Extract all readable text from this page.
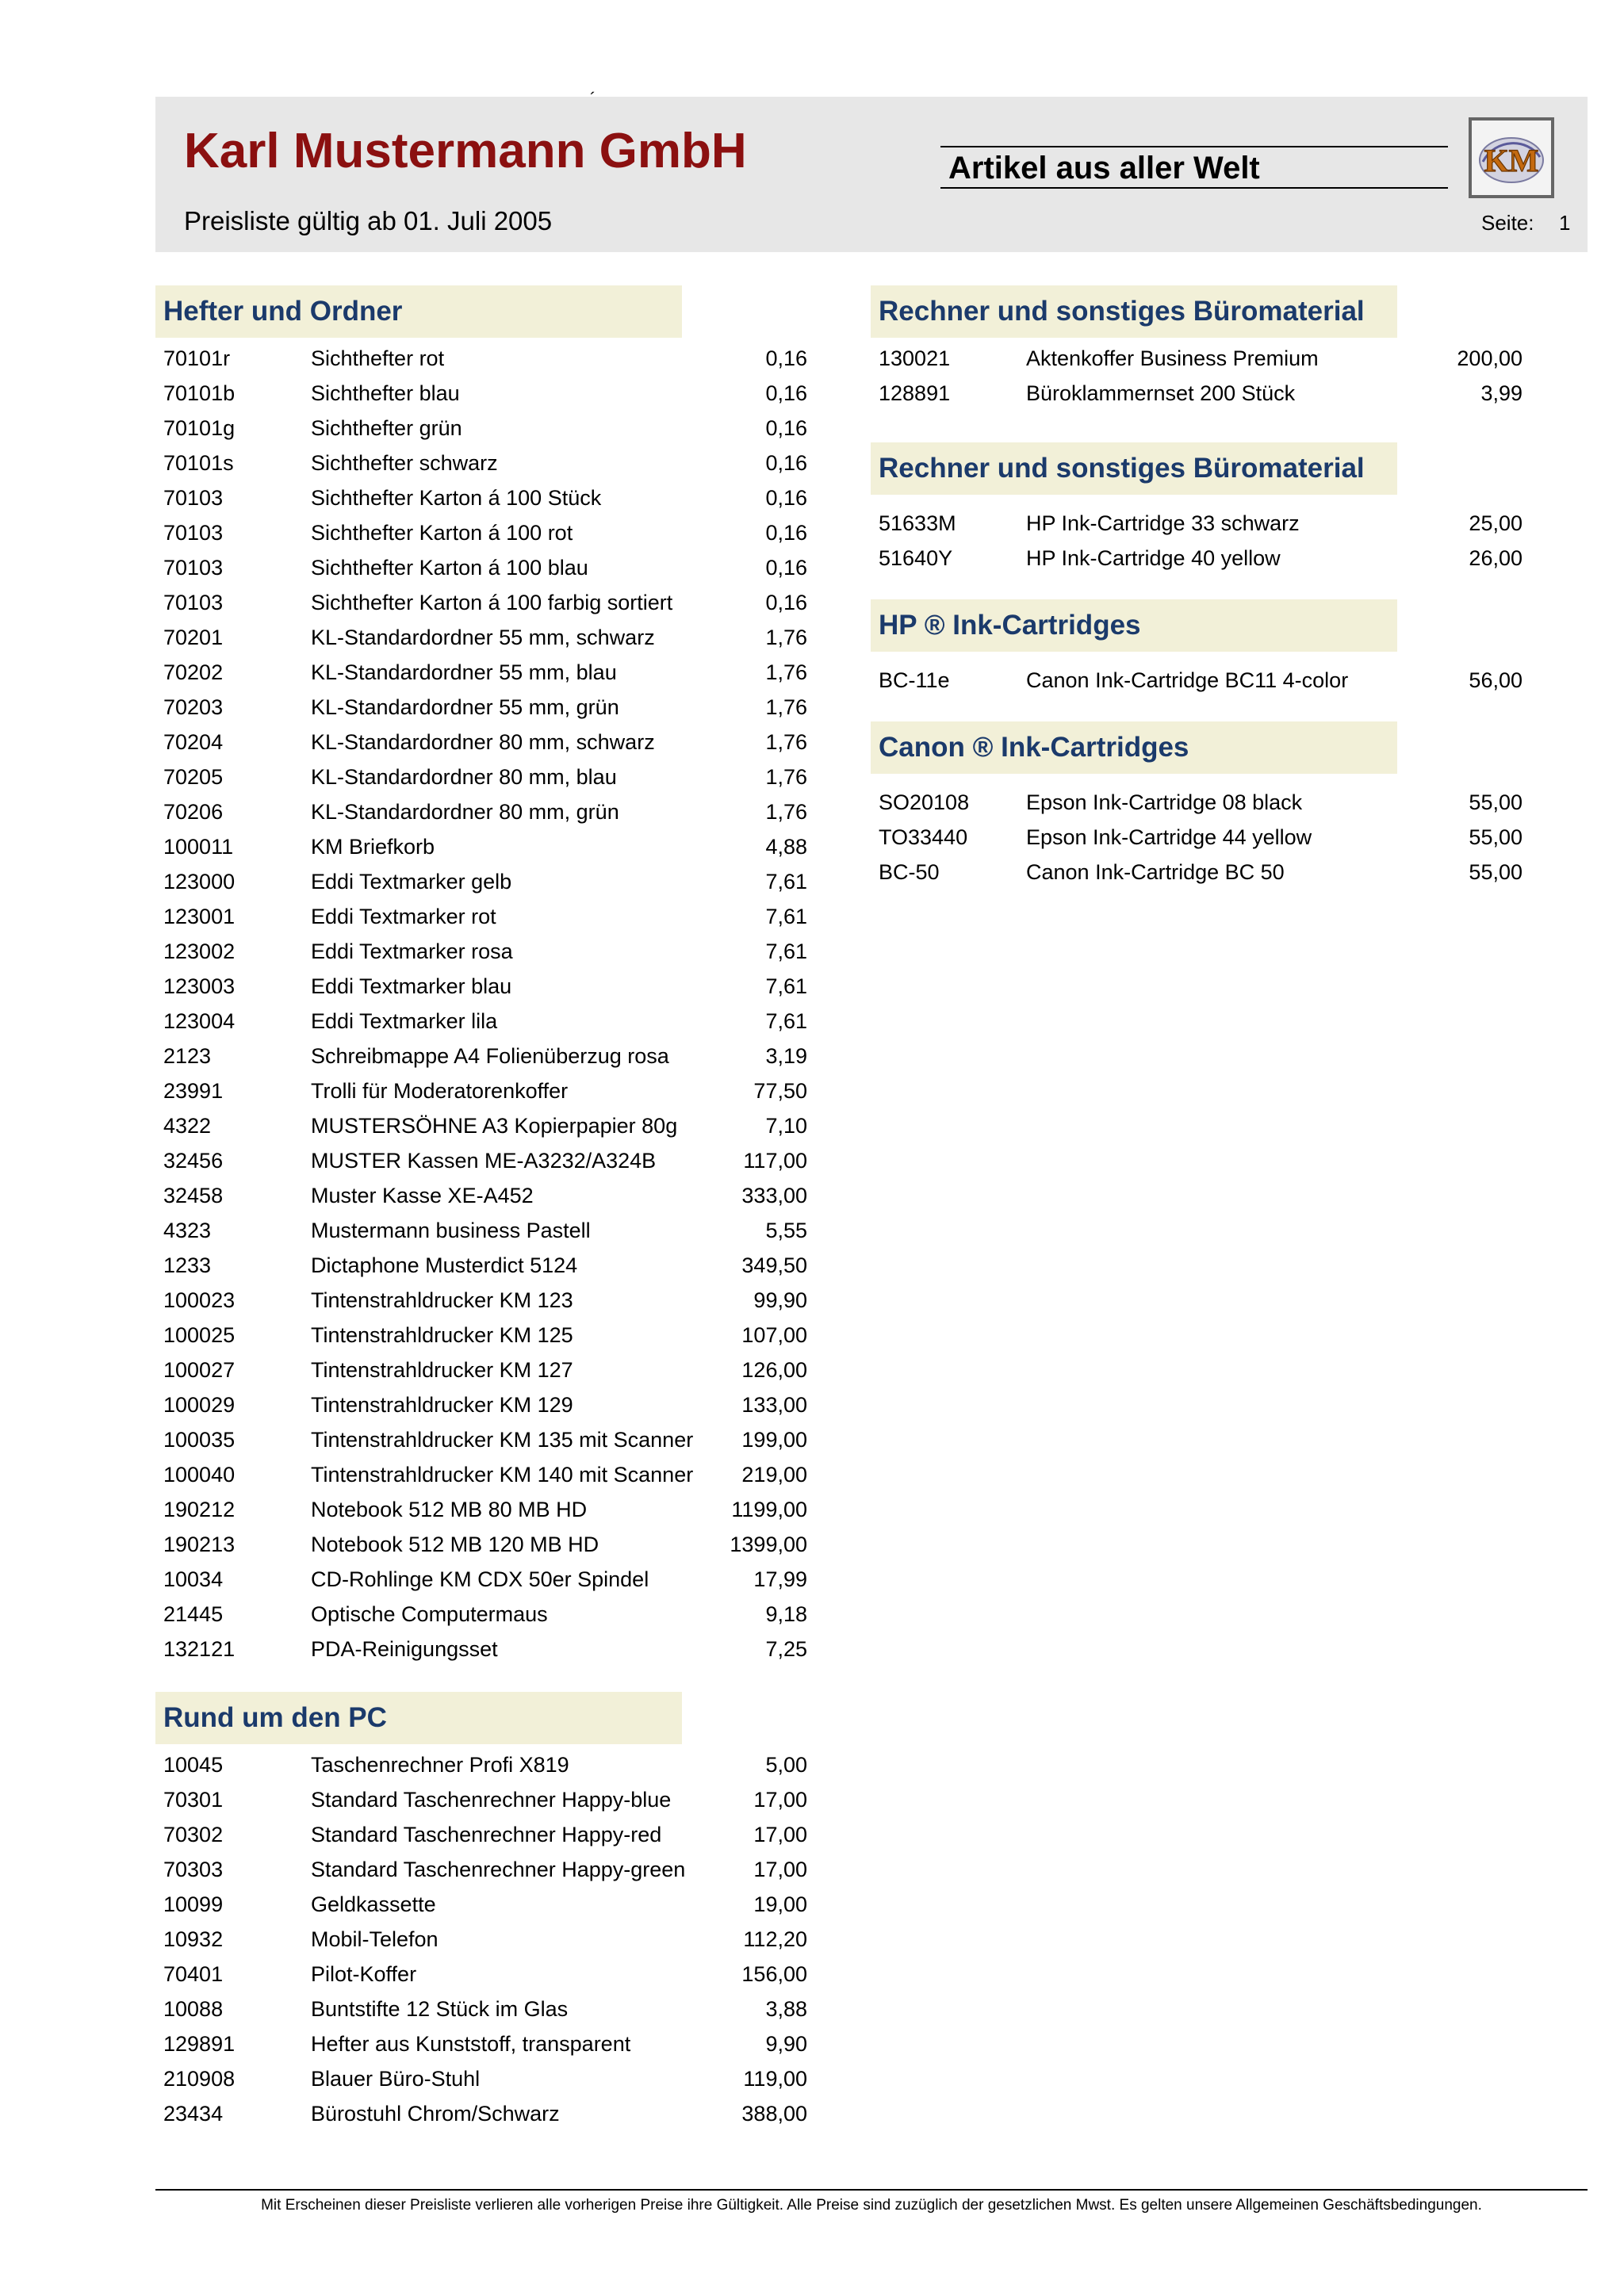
Karl Mustermann GmbH
Preisliste gültig ab 01. Juli 2005
Artikel aus aller Welt	KM
Seite: 1
Hefter und Ordner
70101r	Sichthefter rot	0,16
70101b	Sichthefter blau	0,16
70101g	Sichthefter grün	0,16
70101s	Sichthefter schwarz	0,16
70103	Sichthefter Karton á 100 Stück	0,16
70103	Sichthefter Karton á 100 rot	0,16
70103	Sichthefter Karton á 100 blau	0,16
70103	Sichthefter Karton á 100 farbig sortiert	0,16
70201	KL-Standardordner 55 mm, schwarz	1,76
70202	KL-Standardordner 55 mm, blau	1,76
70203	KL-Standardordner 55 mm, grün	1,76
70204	KL-Standardordner 80 mm, schwarz	1,76
70205	KL-Standardordner 80 mm, blau	1,76
70206	KL-Standardordner 80 mm, grün	1,76
100011	KM Briefkorb	4,88
123000	Eddi Textmarker gelb	7,61
123001	Eddi Textmarker rot	7,61
123002	Eddi Textmarker rosa	7,61
123003	Eddi Textmarker blau	7,61
123004	Eddi Textmarker lila	7,61
2123	Schreibmappe A4 Folienüberzug rosa	3,19
23991	Trolli für Moderatorenkoffer	77,50
4322	MUSTERSÖHNE A3 Kopierpapier 80g	7,10
32456	MUSTER Kassen ME-A3232/A324B	117,00
32458	Muster Kasse XE-A452	333,00
4323	Mustermann business Pastell	5,55
1233	Dictaphone Musterdict 5124	349,50
100023	Tintenstrahldrucker KM 123	99,90
100025	Tintenstrahldrucker KM 125	107,00
100027	Tintenstrahldrucker KM 127	126,00
100029	Tintenstrahldrucker KM 129	133,00
100035	Tintenstrahldrucker KM 135 mit Scanner 199,00
100040	Tintenstrahldrucker KM 140 mit Scanner 219,00
190212	Notebook 512 MB 80 MB HD	1199,00
190213	Notebook 512 MB 120 MB HD	1399,00
10034	CD-Rohlinge KM CDX 50er Spindel	17,99
21445	Optische Computermaus	9,18
132121	PDA-Reinigungsset	7,25
Rund um den PC
10045	Taschenrechner Profi X819	5,00
70301	Standard Taschenrechner Happy-blue	17,00
70302	Standard Taschenrechner Happy-red	17,00
70303	Standard Taschenrechner Happy-green	17,00
10099	Geldkassette	19,00
10932	Mobil-Telefon	112,20
70401	Pilot-Koffer	156,00
10088	Buntstifte 12 Stück im Glas	3,88
129891	Hefter aus Kunststoff, transparent	9,90
210908	Blauer Büro-Stuhl	119,00
23434	Bürostuhl Chrom/Schwarz	388,00
Rechner und sonstiges Büromaterial
130021	Aktenkoffer Business Premium	200,00
128891	Büroklammernset 200 Stück	3,99
Rechner und sonstiges Büromaterial
51633M	HP Ink-Cartridge 33 schwarz	25,00
51640Y	HP Ink-Cartridge 40 yellow	26,00
HP ® Ink-Cartridges
BC-11e	Canon Ink-Cartridge BC11 4-color	56,00
Canon ® Ink-Cartridges
SO20108	Epson Ink-Cartridge 08 black	55,00
TO33440	Epson Ink-Cartridge 44 yellow	55,00
BC-50	Canon Ink-Cartridge BC 50	55,00
Mit Erscheinen dieser Preisliste verlieren alle vorherigen Preise ihre Gültigkeit. Alle Preise sind zuzüglich der gesetzlichen Mwst. Es gelten unsere Allgemeinen Geschäftsbedingungen.
